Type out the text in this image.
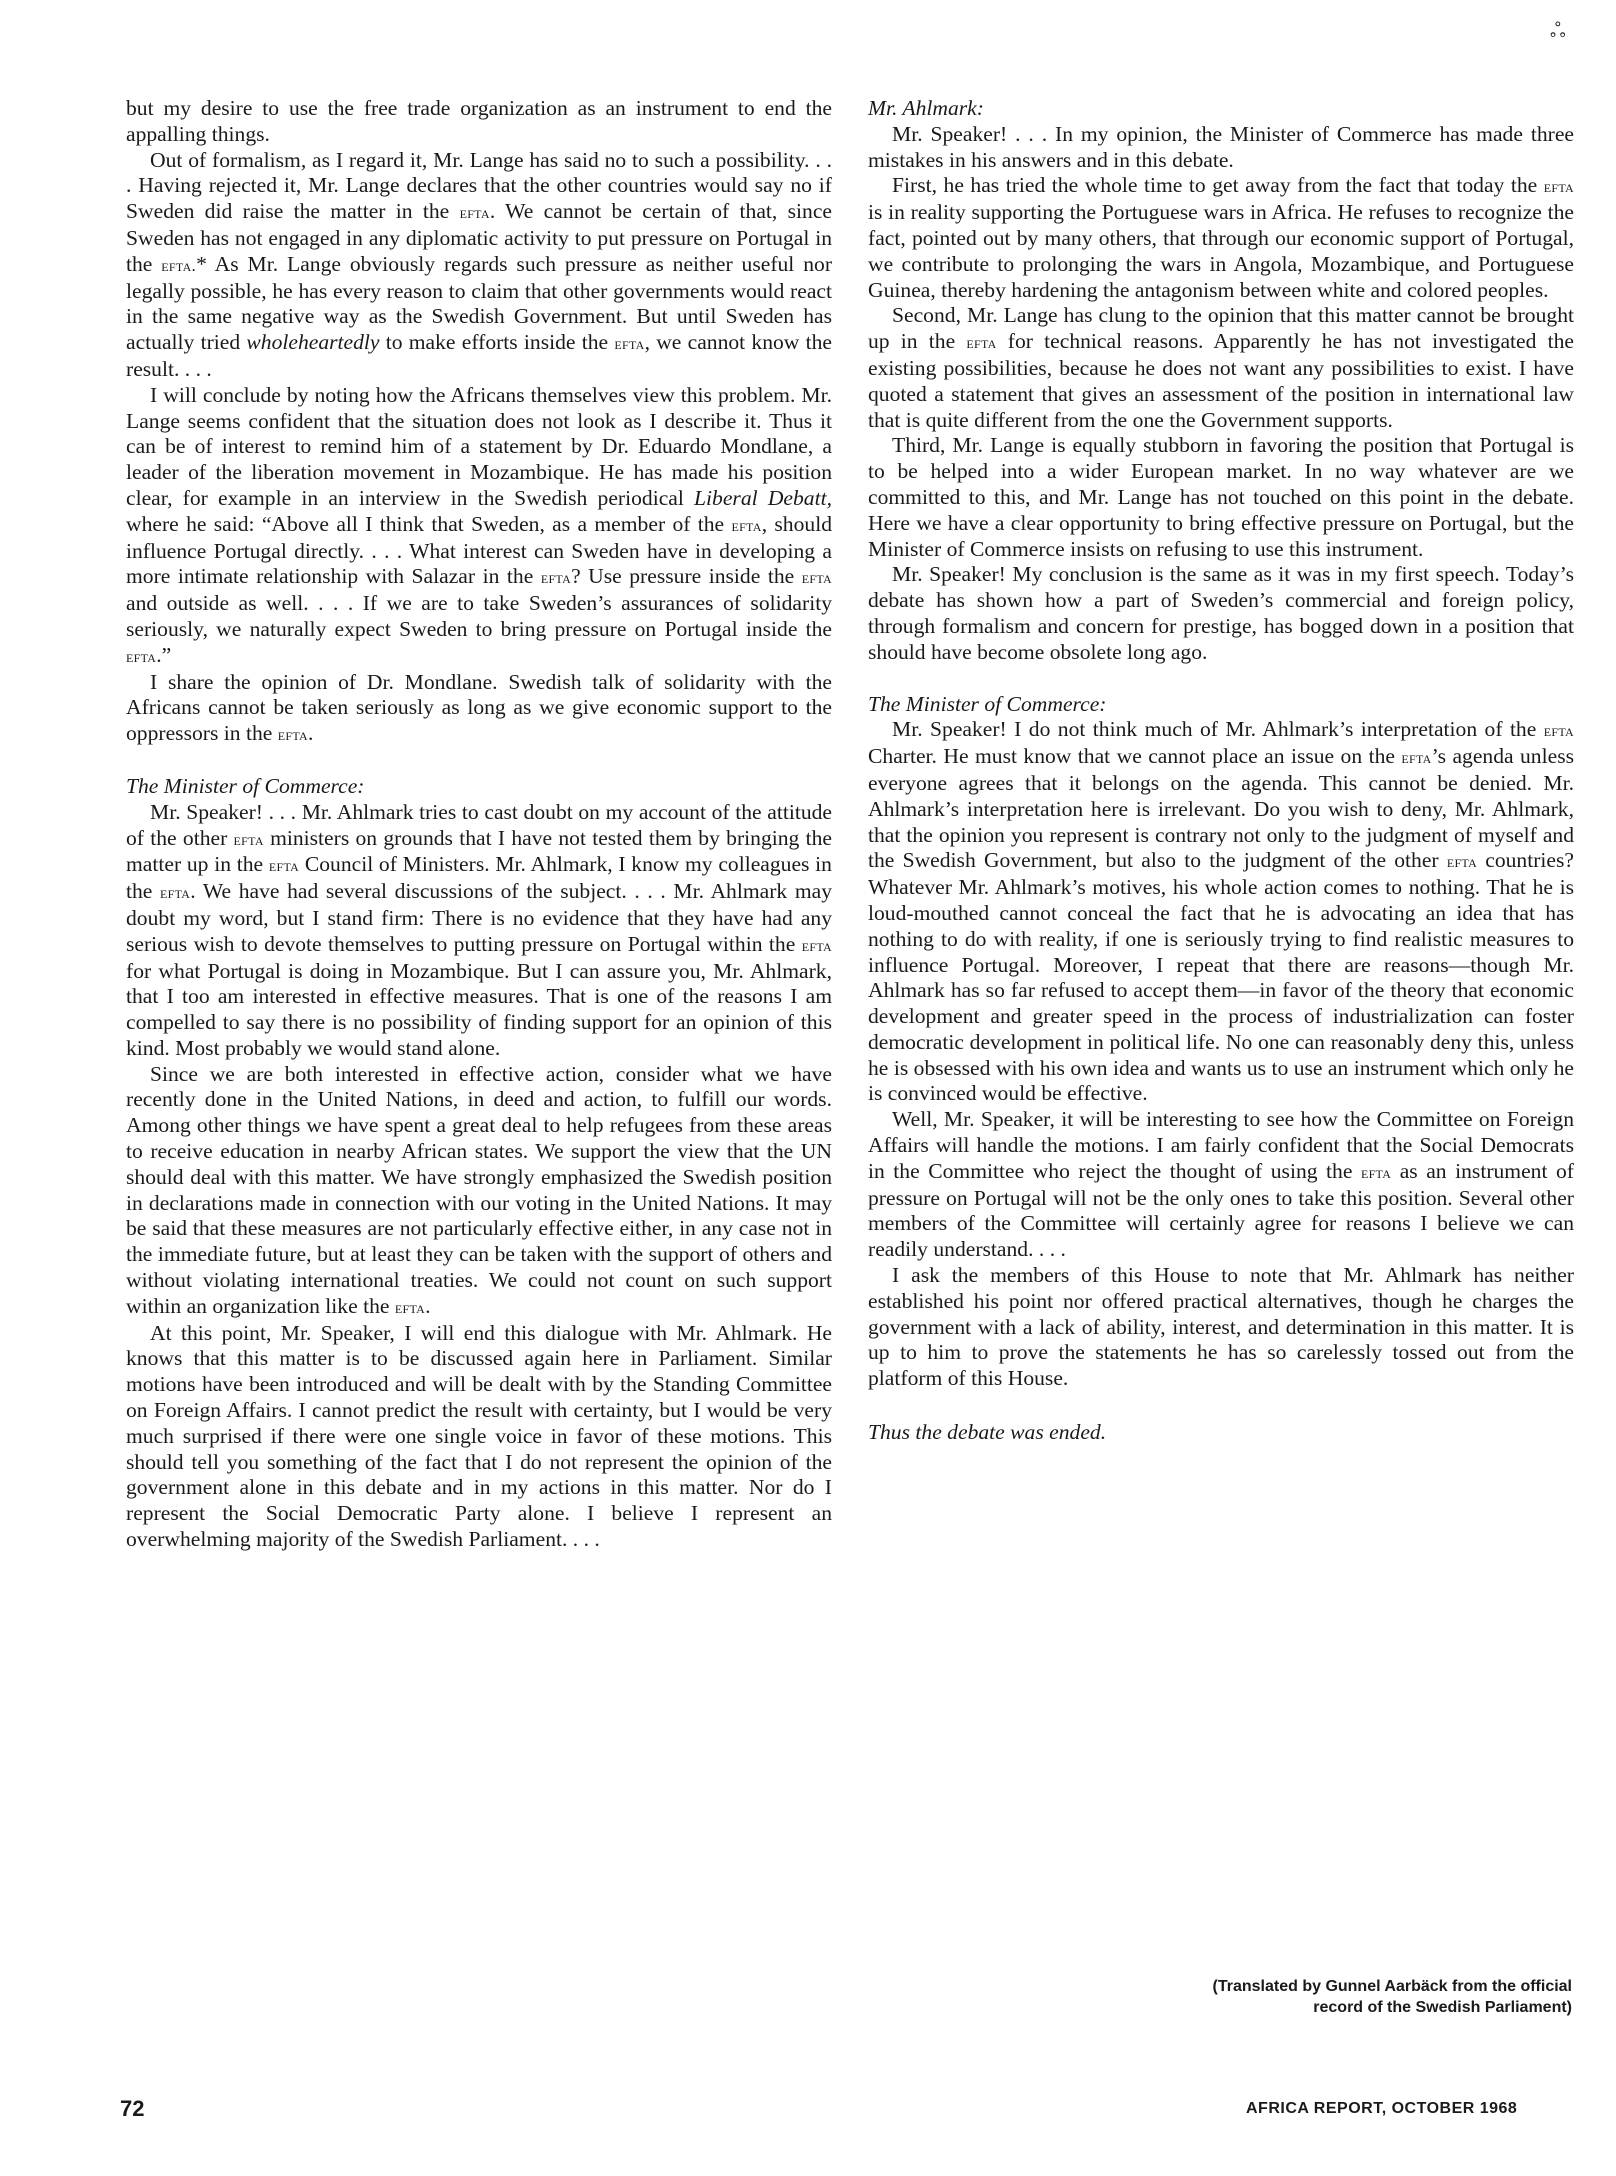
ஃ

but my desire to use the free trade organization as an instrument to end the appalling things.

Out of formalism, as I regard it, Mr. Lange has said no to such a possibility. . . . Having rejected it, Mr. Lange declares that the other countries would say no if Sweden did raise the matter in the efta. We cannot be certain of that, since Sweden has not engaged in any diplomatic activity to put pressure on Portugal in the efta.* As Mr. Lange obviously regards such pressure as neither useful nor legally possible, he has every reason to claim that other governments would react in the same negative way as the Swedish Government. But until Sweden has actually tried wholeheartedly to make efforts inside the efta, we cannot know the result. . . .

I will conclude by noting how the Africans themselves view this problem. Mr. Lange seems confident that the situation does not look as I describe it. Thus it can be of interest to remind him of a statement by Dr. Eduardo Mondlane, a leader of the liberation movement in Mozambique. He has made his position clear, for example in an interview in the Swedish periodical Liberal Debatt, where he said: “Above all I think that Sweden, as a member of the efta, should influence Portugal directly. . . . What interest can Sweden have in developing a more intimate relationship with Salazar in the efta? Use pressure inside the efta and outside as well. . . . If we are to take Sweden’s assurances of solidarity seriously, we naturally expect Sweden to bring pressure on Portugal inside the efta.”

I share the opinion of Dr. Mondlane. Swedish talk of solidarity with the Africans cannot be taken seriously as long as we give economic support to the oppressors in the efta.

The Minister of Commerce:

Mr. Speaker! . . . Mr. Ahlmark tries to cast doubt on my account of the attitude of the other efta ministers on grounds that I have not tested them by bringing the matter up in the efta Council of Ministers. Mr. Ahlmark, I know my colleagues in the efta. We have had several discussions of the subject. . . . Mr. Ahlmark may doubt my word, but I stand firm: There is no evidence that they have had any serious wish to devote themselves to putting pressure on Portugal within the efta for what Portugal is doing in Mozambique. But I can assure you, Mr. Ahlmark, that I too am interested in effective measures. That is one of the reasons I am compelled to say there is no possibility of finding support for an opinion of this kind. Most probably we would stand alone.

Since we are both interested in effective action, consider what we have recently done in the United Nations, in deed and action, to fulfill our words. Among other things we have spent a great deal to help refugees from these areas to receive education in nearby African states. We support the view that the UN should deal with this matter. We have strongly emphasized the Swedish position in declarations made in connection with our voting in the United Nations. It may be said that these measures are not particularly effective either, in any case not in the immediate future, but at least they can be taken with the support of others and without violating international treaties. We could not count on such support within an organization like the efta.

At this point, Mr. Speaker, I will end this dialogue with Mr. Ahlmark. He knows that this matter is to be discussed again here in Parliament. Similar motions have been introduced and will be dealt with by the Standing Committee on Foreign Affairs. I cannot predict the result with certainty, but I would be very much surprised if there were one single voice in favor of these motions. This should tell you something of the fact that I do not represent the opinion of the government alone in this debate and in my actions in this matter. Nor do I represent the Social Democratic Party alone. I believe I represent an overwhelming majority of the Swedish Parliament. . . .

Mr. Ahlmark:

Mr. Speaker! . . . In my opinion, the Minister of Commerce has made three mistakes in his answers and in this debate.

First, he has tried the whole time to get away from the fact that today the efta is in reality supporting the Portuguese wars in Africa. He refuses to recognize the fact, pointed out by many others, that through our economic support of Portugal, we contribute to prolonging the wars in Angola, Mozambique, and Portuguese Guinea, thereby hardening the antagonism between white and colored peoples.

Second, Mr. Lange has clung to the opinion that this matter cannot be brought up in the efta for technical reasons. Apparently he has not investigated the existing possibilities, because he does not want any possibilities to exist. I have quoted a statement that gives an assessment of the position in international law that is quite different from the one the Government supports.

Third, Mr. Lange is equally stubborn in favoring the position that Portugal is to be helped into a wider European market. In no way whatever are we committed to this, and Mr. Lange has not touched on this point in the debate. Here we have a clear opportunity to bring effective pressure on Portugal, but the Minister of Commerce insists on refusing to use this instrument.

Mr. Speaker! My conclusion is the same as it was in my first speech. Today’s debate has shown how a part of Sweden’s commercial and foreign policy, through formalism and concern for prestige, has bogged down in a position that should have become obsolete long ago.

The Minister of Commerce:

Mr. Speaker! I do not think much of Mr. Ahlmark’s interpretation of the efta Charter. He must know that we cannot place an issue on the efta’s agenda unless everyone agrees that it belongs on the agenda. This cannot be denied. Mr. Ahlmark’s interpretation here is irrelevant. Do you wish to deny, Mr. Ahlmark, that the opinion you represent is contrary not only to the judgment of myself and the Swedish Government, but also to the judgment of the other efta countries? Whatever Mr. Ahlmark’s motives, his whole action comes to nothing. That he is loud-mouthed cannot conceal the fact that he is advocating an idea that has nothing to do with reality, if one is seriously trying to find realistic measures to influence Portugal. Moreover, I repeat that there are reasons—though Mr. Ahlmark has so far refused to accept them—in favor of the theory that economic development and greater speed in the process of industrialization can foster democratic development in political life. No one can reasonably deny this, unless he is obsessed with his own idea and wants us to use an instrument which only he is convinced would be effective.

Well, Mr. Speaker, it will be interesting to see how the Committee on Foreign Affairs will handle the motions. I am fairly confident that the Social Democrats in the Committee who reject the thought of using the efta as an instrument of pressure on Portugal will not be the only ones to take this position. Several other members of the Committee will certainly agree for reasons I believe we can readily understand. . . .

I ask the members of this House to note that Mr. Ahlmark has neither established his point nor offered practical alternatives, though he charges the government with a lack of ability, interest, and determination in this matter. It is up to him to prove the statements he has so carelessly tossed out from the platform of this House.

Thus the debate was ended.
(Translated by Gunnel Aarbäck from the official
record of the Swedish Parliament)
72	AFRICA REPORT, OCTOBER 1968
